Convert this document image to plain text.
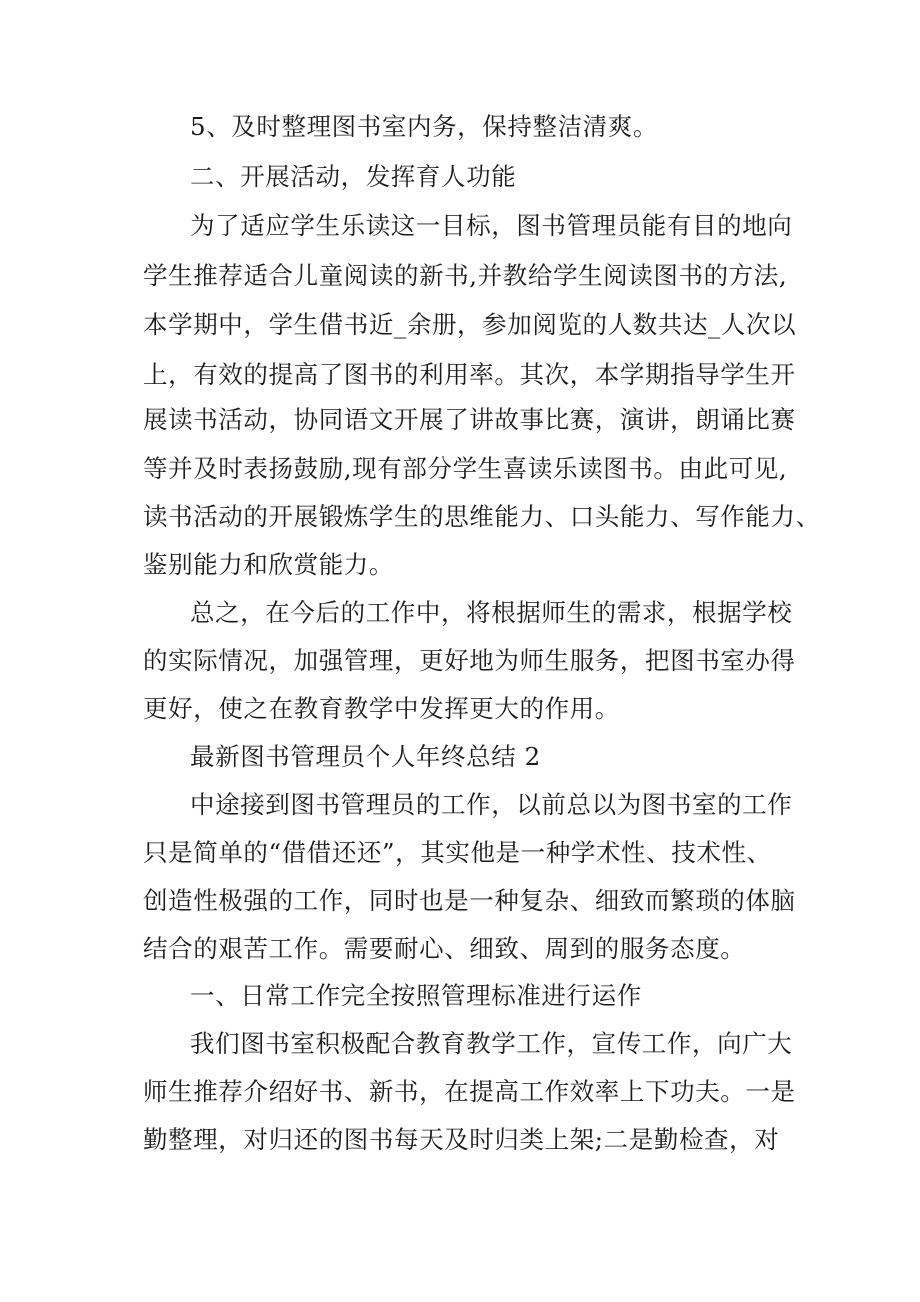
5、及时整理图书室内务，保持整洁清爽。
二、开展活动，发挥育人功能
为了适应学生乐读这一目标，图书管理员能有目的地向
学生推荐适合儿童阅读的新书,并教给学生阅读图书的方法,
本学期中，学生借书近_余册，参加阅览的人数共达_人次以
上，有效的提高了图书的利用率。其次，本学期指导学生开
展读书活动，协同语文开展了讲故事比赛，演讲，朗诵比赛
等并及时表扬鼓励,现有部分学生喜读乐读图书。由此可见,
读书活动的开展锻炼学生的思维能力、口头能力、写作能力、
鉴别能力和欣赏能力。
总之，在今后的工作中，将根据师生的需求，根据学校
的实际情况，加强管理，更好地为师生服务，把图书室办得
更好，使之在教育教学中发挥更大的作用。
最新图书管理员个人年终总结 2
中途接到图书管理员的工作，以前总以为图书室的工作
只是简单的“借借还还”，其实他是一种学术性、技术性、
创造性极强的工作，同时也是一种复杂、细致而繁琐的体脑
结合的艰苦工作。需要耐心、细致、周到的服务态度。
一、日常工作完全按照管理标准进行运作
我们图书室积极配合教育教学工作，宣传工作，向广大
师生推荐介绍好书、新书，在提高工作效率上下功夫。一是
勤整理，对归还的图书每天及时归类上架;二是勤检查，对
